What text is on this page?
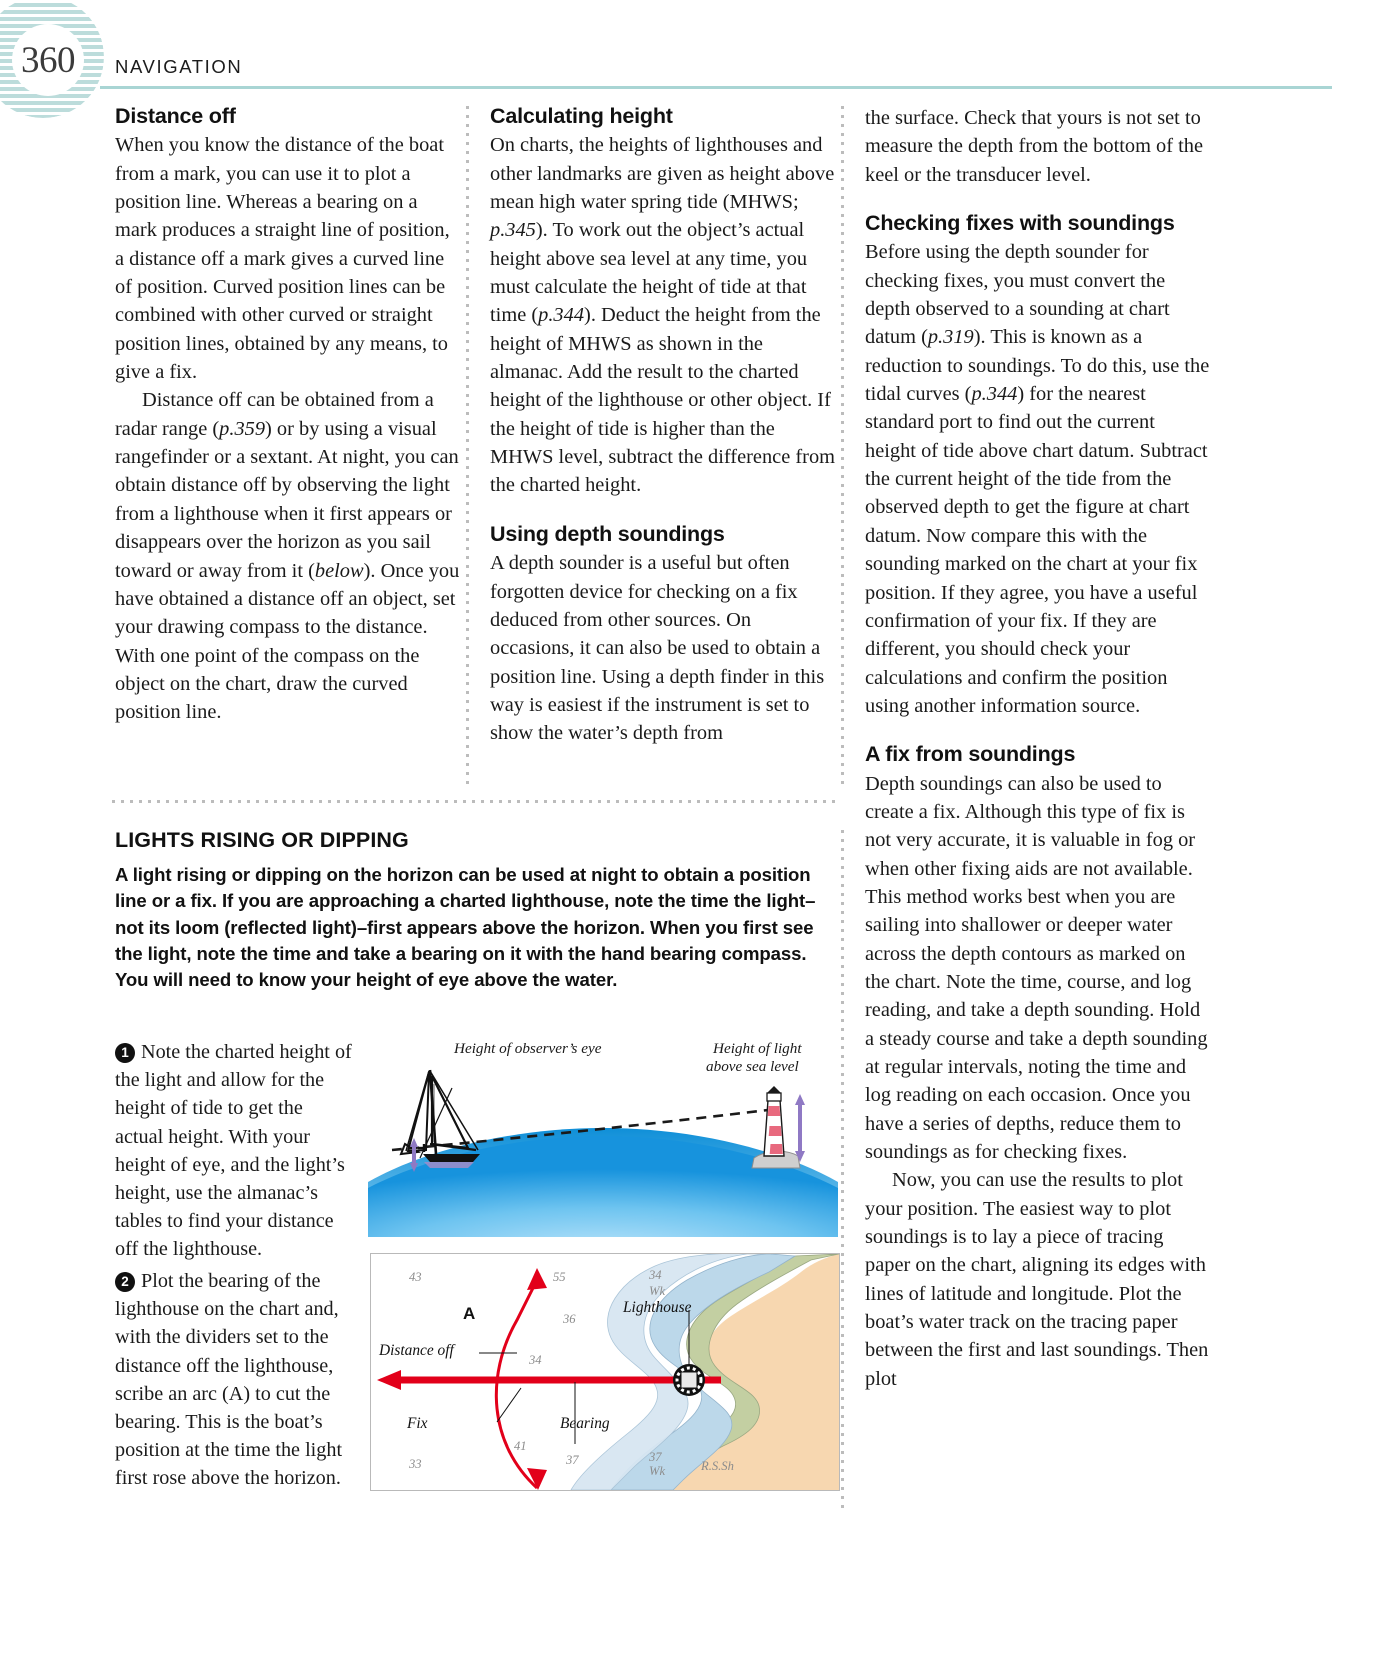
360 NAVIGATION
Distance off

When you know the distance of the boat from a mark, you can use it to plot a position line. Whereas a bearing on a mark produces a straight line of position, a distance off a mark gives a curved line of position. Curved position lines can be combined with other curved or straight position lines, obtained by any means, to give a fix.

Distance off can be obtained from a radar range (p.359) or by using a visual rangefinder or a sextant. At night, you can obtain distance off by observing the light from a lighthouse when it first appears or disappears over the horizon as you sail toward or away from it (below). Once you have obtained a distance off an object, set your drawing compass to the distance. With one point of the compass on the object on the chart, draw the curved position line.

Calculating height

On charts, the heights of lighthouses and other landmarks are given as height above mean high water spring tide (MHWS; p.345). To work out the object’s actual height above sea level at any time, you must calculate the height of tide at that time (p.344). Deduct the height from the height of MHWS as shown in the almanac. Add the result to the charted height of the lighthouse or other object. If the height of tide is higher than the MHWS level, subtract the difference from the charted height.

Using depth soundings

A depth sounder is a useful but often forgotten device for checking on a fix deduced from other sources. On occasions, it can also be used to obtain a position line. Using a depth finder in this way is easiest if the instrument is set to show the water’s depth from

the surface. Check that yours is not set to measure the depth from the bottom of the keel or the transducer level.

Checking fixes with soundings

Before using the depth sounder for checking fixes, you must convert the depth observed to a sounding at chart datum (p.319). This is known as a reduction to soundings. To do this, use the tidal curves (p.344) for the nearest standard port to find out the current height of tide above chart datum. Subtract the current height of the tide from the observed depth to get the figure at chart datum. Now compare this with the sounding marked on the chart at your fix position. If they agree, you have a useful confirmation of your fix. If they are different, you should check your calculations and confirm the position using another information source.

A fix from soundings

Depth soundings can also be used to create a fix. Although this type of fix is not very accurate, it is valuable in fog or when other fixing aids are not available. This method works best when you are sailing into shallower or deeper water across the depth contours as marked on the chart. Note the time, course, and log reading, and take a depth sounding. Hold a steady course and take a depth sounding at regular intervals, noting the time and log reading on each occasion. Once you have a series of depths, reduce them to soundings as for checking fixes.

Now, you can use the results to plot your position. The easiest way to plot soundings is to lay a piece of tracing paper on the chart, aligning its edges with lines of latitude and longitude. Plot the boat’s water track on the tracing paper between the first and last soundings. Then plot

LIGHTS RISING OR DIPPING

A light rising or dipping on the horizon can be used at night to obtain a position line or a fix. If you are approaching a charted lighthouse, note the time the light–not its loom (reflected light)–first appears above the horizon. When you first see the light, note the time and take a bearing on it with the hand bearing compass. You will need to know your height of eye above the water.

1 Note the charted height of the light and allow for the height of tide to get the actual height. With your height of eye, and the light’s height, use the almanac’s tables to find your distance off the lighthouse.
2 Plot the bearing of the lighthouse on the chart and, with the dividers set to the distance off the lighthouse, scribe an arc (A) to cut the bearing. This is the boat’s position at the time the light first rose above the horizon.
Height of observer’s eye	Height of light
above sea level
A
Distance off
Fix	Bearing
Lighthouse
43	55	34
Wk
36
34
41
33	37	37
Wk	R.S.Sh
